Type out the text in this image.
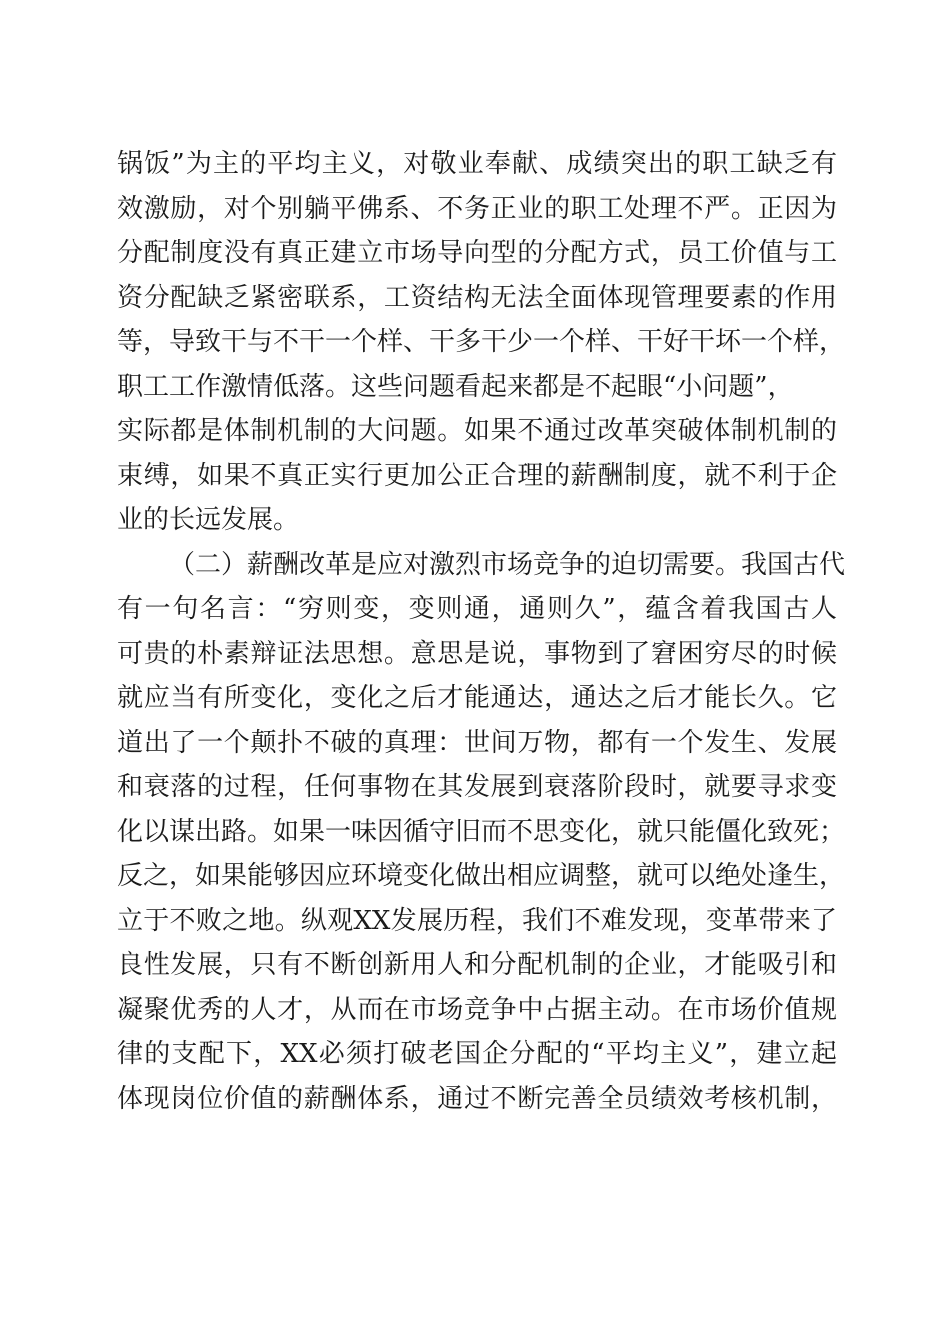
锅饭”为主的平均主义，对敬业奉献、成绩突出的职工缺乏有
效激励，对个别躺平佛系、不务正业的职工处理不严。正因为
分配制度没有真正建立市场导向型的分配方式，员工价值与工
资分配缺乏紧密联系，工资结构无法全面体现管理要素的作用
等，导致干与不干一个样、干多干少一个样、干好干坏一个样，
职工工作激情低落。这些问题看起来都是不起眼“小问题”，
实际都是体制机制的大问题。如果不通过改革突破体制机制的
束缚，如果不真正实行更加公正合理的薪酬制度，就不利于企
业的长远发展。
（二）薪酬改革是应对激烈市场竞争的迫切需要。我国古代
有一句名言：“穷则变，变则通，通则久”，蕴含着我国古人
可贵的朴素辩证法思想。意思是说，事物到了窘困穷尽的时候
就应当有所变化，变化之后才能通达，通达之后才能长久。它
道出了一个颠扑不破的真理：世间万物，都有一个发生、发展
和衰落的过程，任何事物在其发展到衰落阶段时，就要寻求变
化以谋出路。如果一味因循守旧而不思变化，就只能僵化致死；
反之，如果能够因应环境变化做出相应调整，就可以绝处逢生，
立于不败之地。纵观XX发展历程，我们不难发现，变革带来了
良性发展，只有不断创新用人和分配机制的企业，才能吸引和
凝聚优秀的人才，从而在市场竞争中占据主动。在市场价值规
律的支配下，XX必须打破老国企分配的“平均主义”，建立起
体现岗位价值的薪酬体系，通过不断完善全员绩效考核机制，
